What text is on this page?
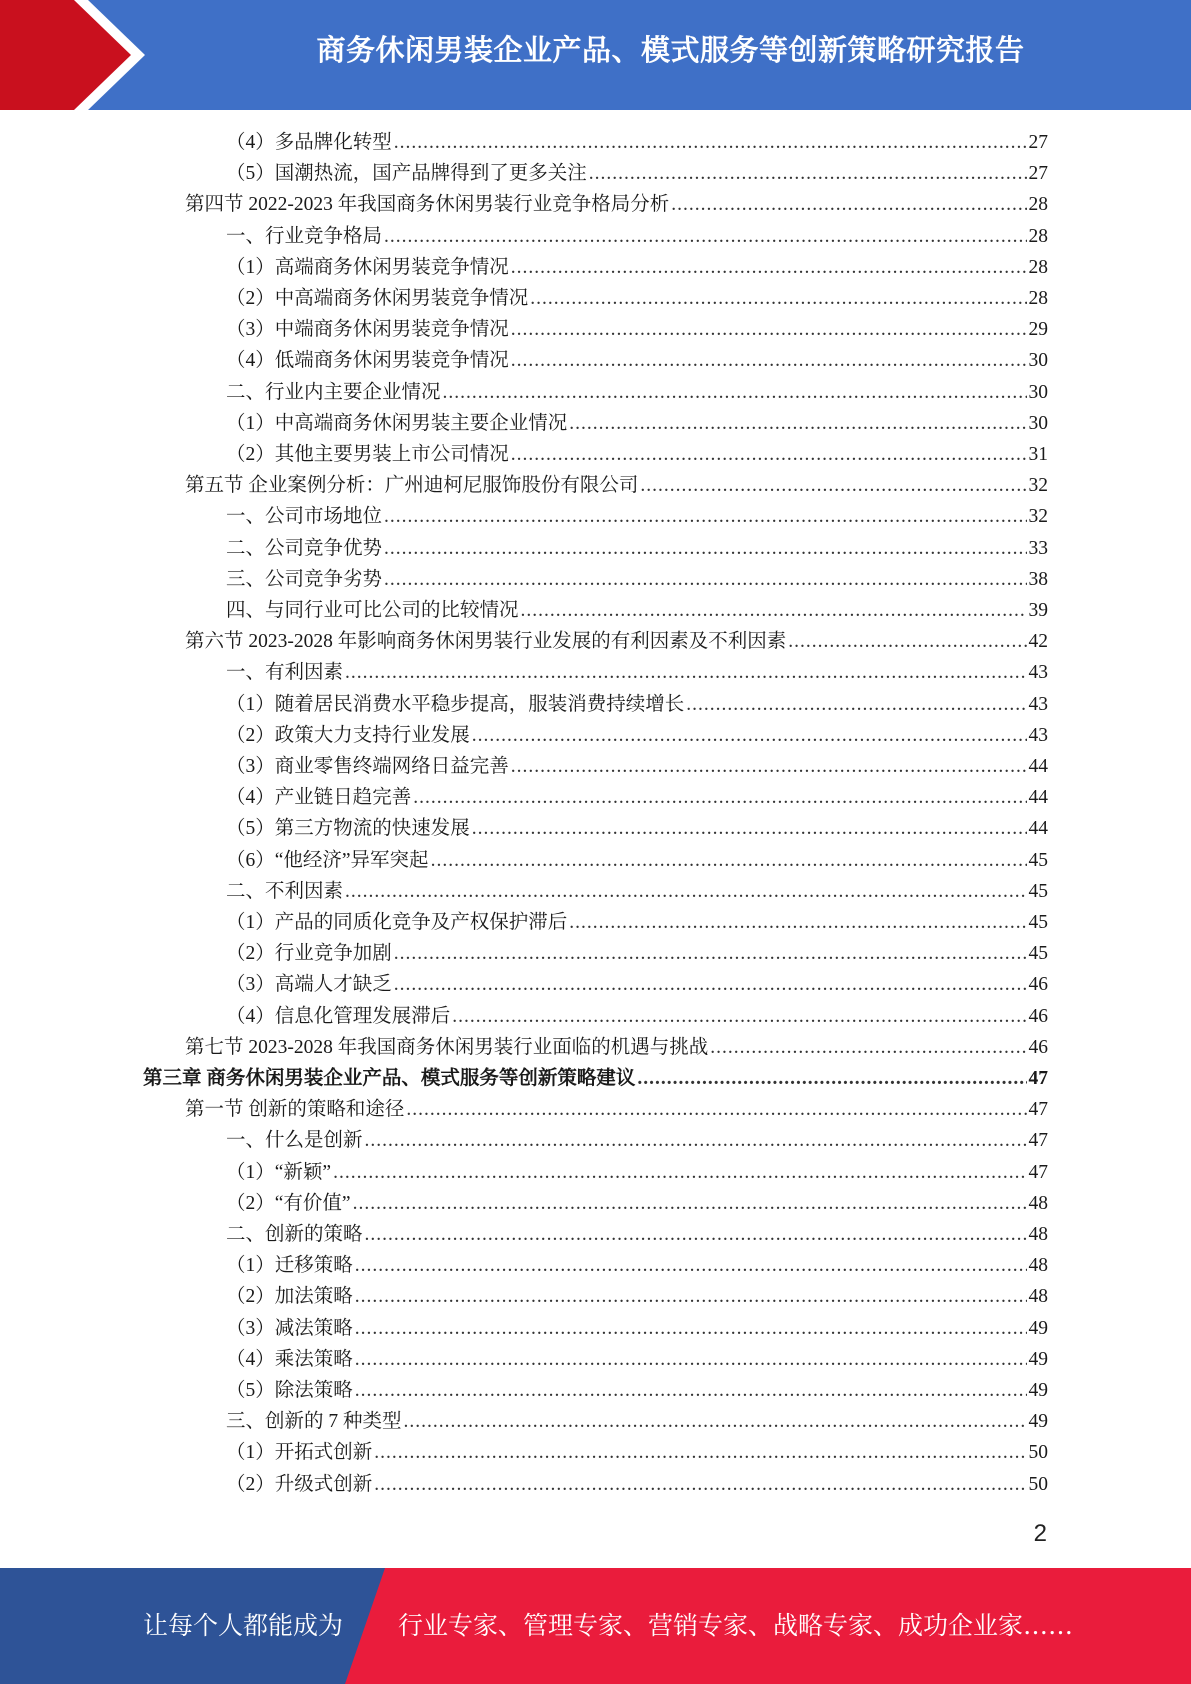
商务休闲男装企业产品、模式服务等创新策略研究报告
（4）多品牌化转型 .....	27
（5）国潮热流，国产品牌得到了更多关注 .....	27
第四节 2022-2023 年我国商务休闲男装行业竞争格局分析 .....	28
一、行业竞争格局 .....	28
（1）高端商务休闲男装竞争情况 .....	28
（2）中高端商务休闲男装竞争情况 .....	28
（3）中端商务休闲男装竞争情况 .....	29
（4）低端商务休闲男装竞争情况 .....	30
二、行业内主要企业情况 .....	30
（1）中高端商务休闲男装主要企业情况 .....	30
（2）其他主要男装上市公司情况 .....	31
第五节 企业案例分析：广州迪柯尼服饰股份有限公司 .....	32
一、公司市场地位 .....	32
二、公司竞争优势 .....	33
三、公司竞争劣势 .....	38
四、与同行业可比公司的比较情况 .....	39
第六节 2023-2028 年影响商务休闲男装行业发展的有利因素及不利因素 .....	42
一、有利因素 .....	43
（1）随着居民消费水平稳步提高，服装消费持续增长 .....	43
（2）政策大力支持行业发展 .....	43
（3）商业零售终端网络日益完善 .....	44
（4）产业链日趋完善 .....	44
（5）第三方物流的快速发展 .....	44
（6）“他经济”异军突起 .....	45
二、不利因素 .....	45
（1）产品的同质化竞争及产权保护滞后 .....	45
（2）行业竞争加剧 .....	45
（3）高端人才缺乏 .....	46
（4）信息化管理发展滞后 .....	46
第七节 2023-2028 年我国商务休闲男装行业面临的机遇与挑战 .....	46
第三章 商务休闲男装企业产品、模式服务等创新策略建议 .....	47
第一节 创新的策略和途径 .....	47
一、什么是创新 .....	47
（1）“新颖” .....	47
（2）“有价值” .....	48
二、创新的策略 .....	48
（1）迁移策略 .....	48
（2）加法策略 .....	48
（3）减法策略 .....	49
（4）乘法策略 .....	49
（5）除法策略 .....	49
三、创新的 7 种类型 .....	49
（1）开拓式创新 .....	50
（2）升级式创新 .....	50
2
让每个人都能成为 行业专家、管理专家、营销专家、战略专家、成功企业家……
